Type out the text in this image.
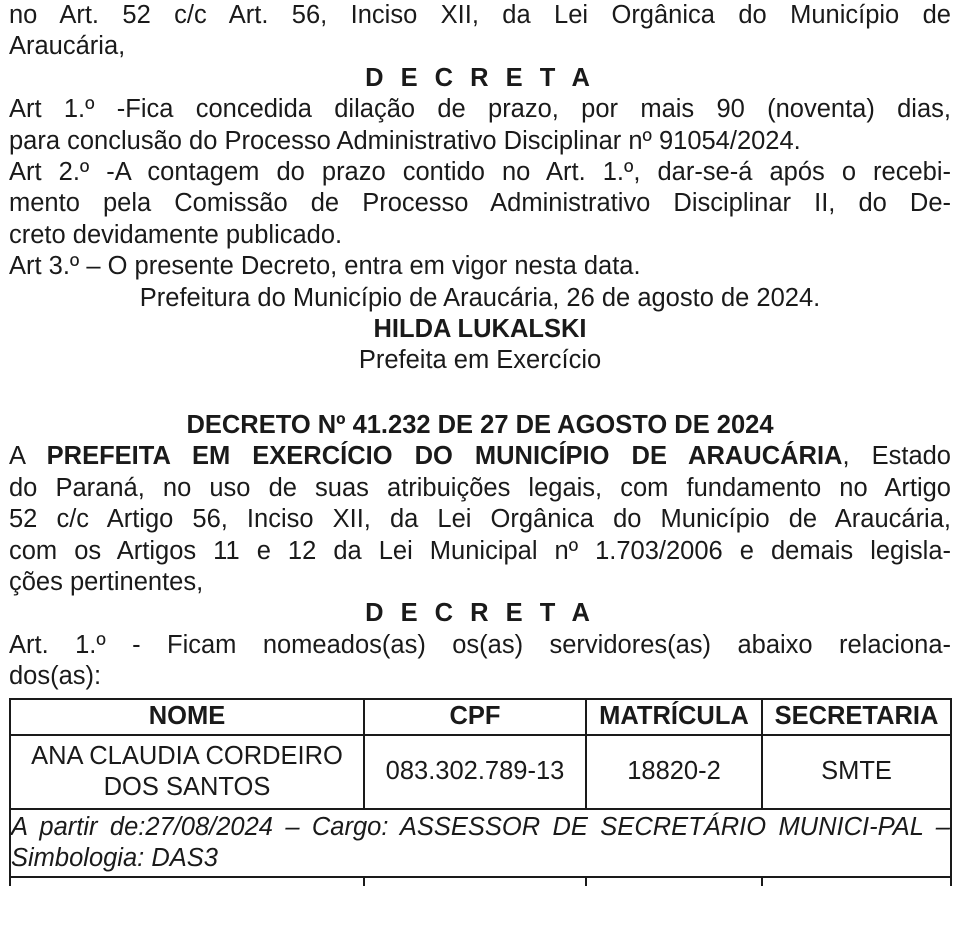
no Art. 52 c/c Art. 56, Inciso XII, da Lei Orgânica do Município de

Araucária,

D E C R E T A

Art 1.º -Fica concedida dilação de prazo, por mais 90 (noventa) dias,

para conclusão do Processo Administrativo Disciplinar nº 91054/2024.

Art 2.º -A contagem do prazo contido no Art. 1.º, dar-se-á após o recebi-

mento pela Comissão de Processo Administrativo Disciplinar II, do De-

creto devidamente publicado.

Art 3.º – O presente Decreto, entra em vigor nesta data.

Prefeitura do Município de Araucária, 26 de agosto de 2024.

HILDA LUKALSKI

Prefeita em Exercício

DECRETO Nº 41.232 DE 27 DE AGOSTO DE 2024

A PREFEITA EM EXERCÍCIO DO MUNICÍPIO DE ARAUCÁRIA, Estado

do Paraná, no uso de suas atribuições legais, com fundamento no Artigo

52 c/c Artigo 56, Inciso XII, da Lei Orgânica do Município de Araucária,

com os Artigos 11 e 12 da Lei Municipal nº 1.703/2006 e demais legisla-

ções pertinentes,

D E C R E T A

Art. 1.º - Ficam nomeados(as) os(as) servidores(as) abaixo relaciona-

dos(as):

NOME	CPF	MATRÍCULA	SECRETARIA
ANA CLAUDIA CORDEIRO DOS SANTOS	083.302.789-13	18820-2	SMTE

A partir de:27/08/2024 – Cargo: ASSESSOR DE SECRETÁRIO MUNICI-PAL – Simbologia: DAS3			
